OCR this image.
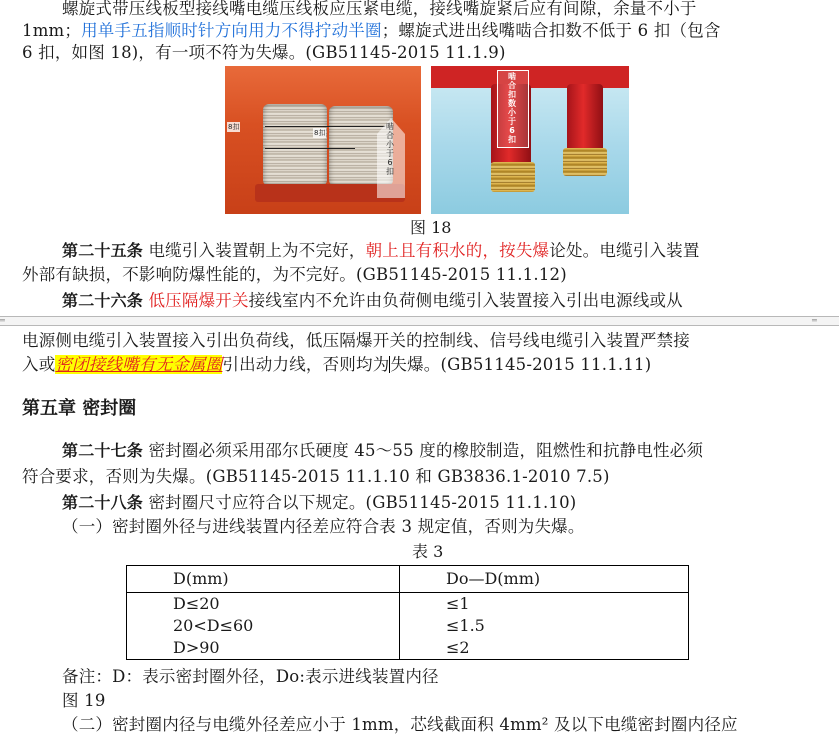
螺旋式带压线板型接线嘴电缆压线板应压紧电缆，接线嘴旋紧后应有间隙，余量不小于
1mm；用单手五指顺时针方向用力不得拧动半圈；螺旋式进出线嘴啮合扣数不低于 6 扣（包含
6 扣，如图 18)，有一项不符为失爆。(GB51145-2015 11.1.9)
8扣
8扣
啮合小于6扣
啮合扣数小于6扣
图 18
第二十五条 电缆引入装置朝上为不完好，朝上且有积水的，按失爆论处。电缆引入装置
外部有缺损，不影响防爆性能的，为不完好。(GB51145-2015 11.1.12)
第二十六条 低压隔爆开关接线室内不允许由负荷侧电缆引入装置接入引出电源线或从
═	═
电源侧电缆引入装置接入引出负荷线，低压隔爆开关的控制线、信号线电缆引入装置严禁接
入或密闭接线嘴有无金属圈引出动力线，否则均为失爆。(GB51145-2015 11.1.11)
第五章 密封圈
第二十七条 密封圈必须采用邵尔氏硬度 45～55 度的橡胶制造，阻燃性和抗静电性必须
符合要求，否则为失爆。(GB51145-2015 11.1.10 和 GB3836.1-2010 7.5)
第二十八条 密封圈尺寸应符合以下规定。(GB51145-2015 11.1.10)
（一）密封圈外径与进线装置内径差应符合表 3 规定值，否则为失爆。
表 3
D(mm)	Do—D(mm)
D≤20	≤1
20<D≤60	≤1.5
D>90	≤2
备注：D：表示密封圈外径，Do:表示进线装置内径
图 19
（二）密封圈内径与电缆外径差应小于 1mm，芯线截面积 4mm² 及以下电缆密封圈内径应
